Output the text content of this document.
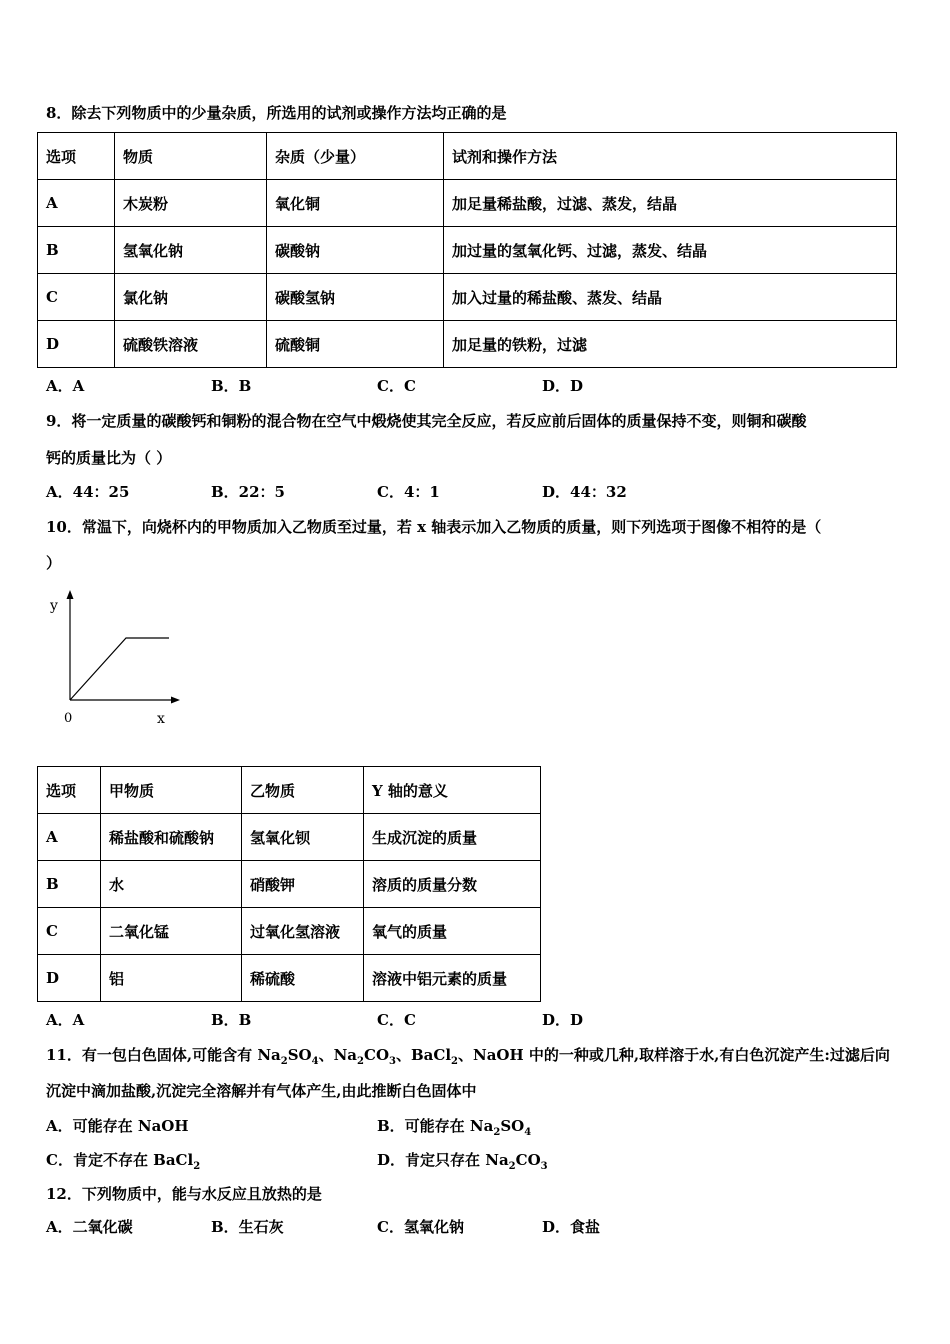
8．除去下列物质中的少量杂质，所选用的试剂或操作方法均正确的是
选项	物质	杂质（少量）	试剂和操作方法
A	木炭粉	氧化铜	加足量稀盐酸，过滤、蒸发，结晶
B	氢氧化钠	碳酸钠	加过量的氢氧化钙、过滤，蒸发、结晶
C	氯化钠	碳酸氢钠	加入过量的稀盐酸、蒸发、结晶
D	硫酸铁溶液	硫酸铜	加足量的铁粉，过滤
A．A	B．B	C．C	D．D
9．将一定质量的碳酸钙和铜粉的混合物在空气中煅烧使其完全反应，若反应前后固体的质量保持不变，则铜和碳酸
钙的质量比为（ ）
A．44：25	B．22：5	C．4：1	D．44：32
10．常温下，向烧杯内的甲物质加入乙物质至过量，若 x 轴表示加入乙物质的质量，则下列选项于图像不相符的是（
）
y
x
0
选项	甲物质	乙物质	Y 轴的意义
A	稀盐酸和硫酸钠	氢氧化钡	生成沉淀的质量
B	水	硝酸钾	溶质的质量分数
C	二氧化锰	过氧化氢溶液	氧气的质量
D	铝	稀硫酸	溶液中铝元素的质量
A．A	B．B	C．C	D．D
11．有一包白色固体,可能含有 $Na_2SO_4$、$Na_2CO_3$、BaCl$_2$、NaOH 中的一种或几种,取样溶于水,有白色沉淀产生:过滤后向
沉淀中滴加盐酸,沉淀完全溶解并有气体产生,由此推断白色固体中
A．可能存在 NaOH	B．可能存在 $Na_2SO_4$
C．肯定不存在 BaCl$_2$	D．肯定只存在 $Na_2CO_3$
12．下列物质中，能与水反应且放热的是
A．二氧化碳	B．生石灰	C．氢氧化钠	D．食盐
